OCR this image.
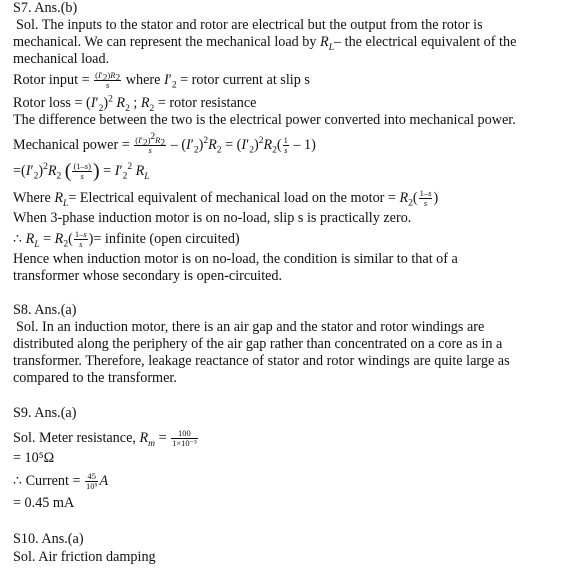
S7. Ans.(b)
Sol. The inputs to the stator and rotor are electrical but the output from the rotor is
mechanical. We can represent the mechanical load by $R_L-$ the electrical equivalent of the
mechanical load.
Rotor input = $\frac{(I'_2)R_2}{s}$ where $I'_2$ = rotor current at slip s
Rotor loss = $(I'_2)^2$ $R_2$ ; $R_2$ = rotor resistance
The difference between the two is the electrical power converted into mechanical power.
Mechanical power = $\frac{(I'_2)^2R_2}{s} - (I'_2)^2R_2 = (I'_2)^2R_2( \frac{1}{s} - 1)$
$=(I'_2)^2R_2$ ( $\frac{(1-s)}{s}$ ) = $I'_2^2$ $R_L$
Where $R_L=$ Electrical equivalent of mechanical load on the motor = $R_2( \frac{1-s}{s}$ )
When 3-phase induction motor is on no-load, slip s is practically zero.
∴ $R_L = R_2( \frac{1-s}{s}$ )= infinite (open circuited)
Hence when induction motor is on no-load, the condition is similar to that of a
transformer whose secondary is open-circuited.
S8. Ans.(a)
Sol. In an induction motor, there is an air gap and the stator and rotor windings are
distributed along the periphery of the air gap rather than concentrated on a core as in a
transformer. Therefore, leakage reactance of stator and rotor windings are quite large as
compared to the transformer.
S9. Ans.(a)
Sol. Meter resistance, $R_m = \frac{100}{\text{1×10⁻³}}$
= 10⁵Ω
∴ Current = $\frac{45}{\text{10⁵}}$ A
= 0.45 mA
S10. Ans.(a)
Sol. Air friction damping
